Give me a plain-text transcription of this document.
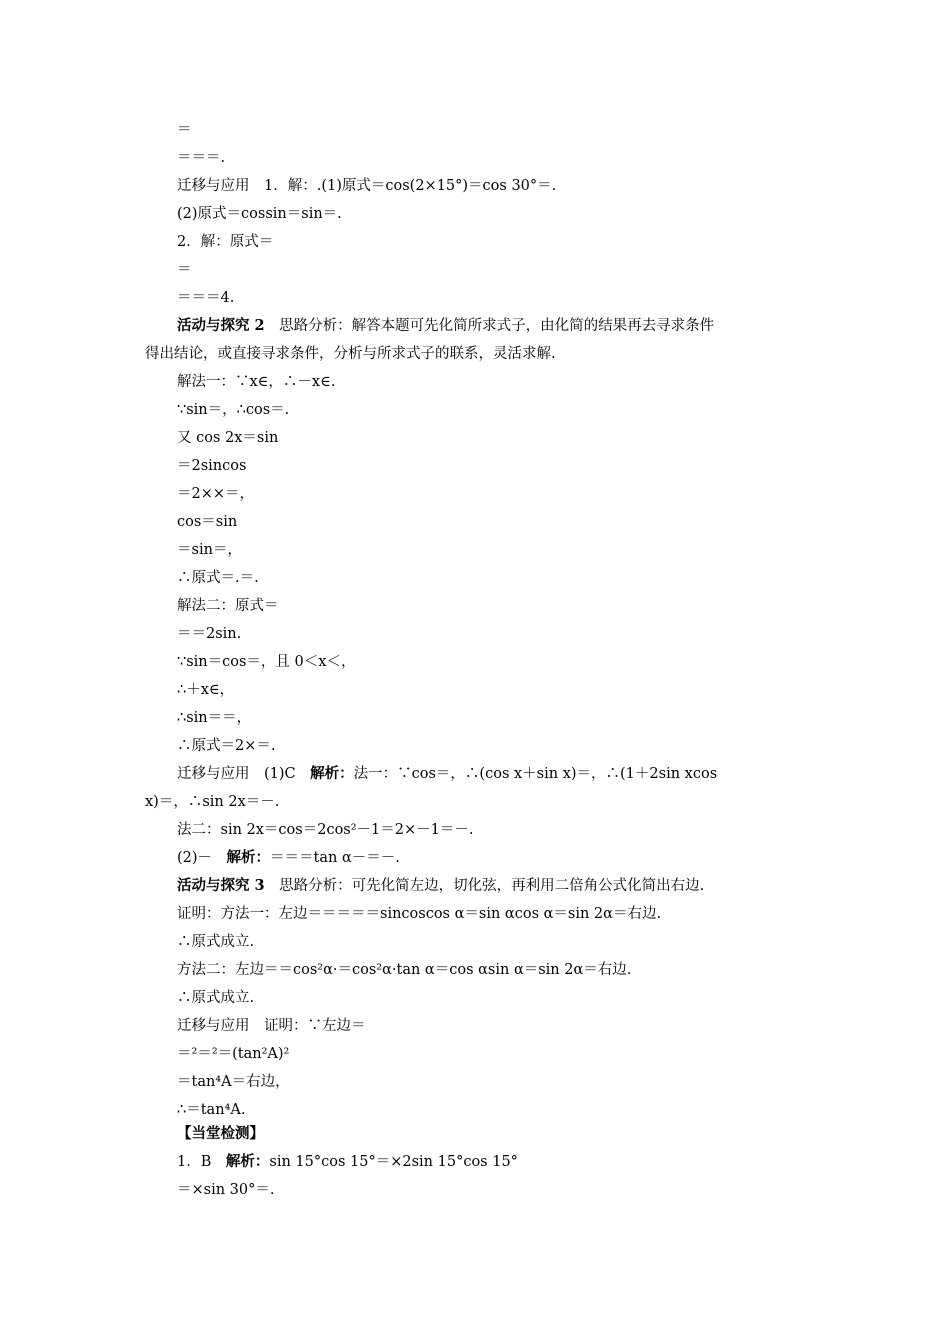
＝
＝＝＝.
迁移与应用　1．解：.(1)原式＝cos(2×15°)＝cos 30°＝.
(2)原式＝cossin＝sin＝.
2．解：原式＝
＝
＝＝＝4.
活动与探究 2　思路分析：解答本题可先化简所求式子，由化简的结果再去寻求条件
得出结论，或直接寻求条件，分析与所求式子的联系，灵活求解.
解法一：∵x∈，∴－x∈.
∵sin＝，∴cos＝.
又 cos 2x＝sin
＝2sincos
＝2××＝，
cos＝sin
＝sin＝，
∴原式＝.＝.
解法二：原式＝
＝＝2sin.
∵sin＝cos＝，且 0＜x＜，
∴＋x∈，
∴sin＝＝，
∴原式＝2×＝.
迁移与应用　(1)C　解析：法一：∵cos＝，∴(cos x＋sin x)＝，∴(1＋2sin xcos
x)＝，∴sin 2x＝－.
法二：sin 2x＝cos＝2cos²－1＝2×－1＝－.
(2)－　解析：＝＝＝tan α－＝－.
活动与探究 3　思路分析：可先化简左边，切化弦，再利用二倍角公式化简出右边.
证明：方法一：左边＝＝＝＝＝sincoscos α＝sin αcos α＝sin 2α＝右边.
∴原式成立.
方法二：左边＝＝cos²α·＝cos²α·tan α＝cos αsin α＝sin 2α＝右边.
∴原式成立.
迁移与应用　证明：∵左边＝
＝²＝²＝(tan²A)²
＝tan⁴A＝右边，
∴＝tan⁴A.
【当堂检测】
1．B　解析：sin 15°cos 15°＝×2sin 15°cos 15°
＝×sin 30°＝.
